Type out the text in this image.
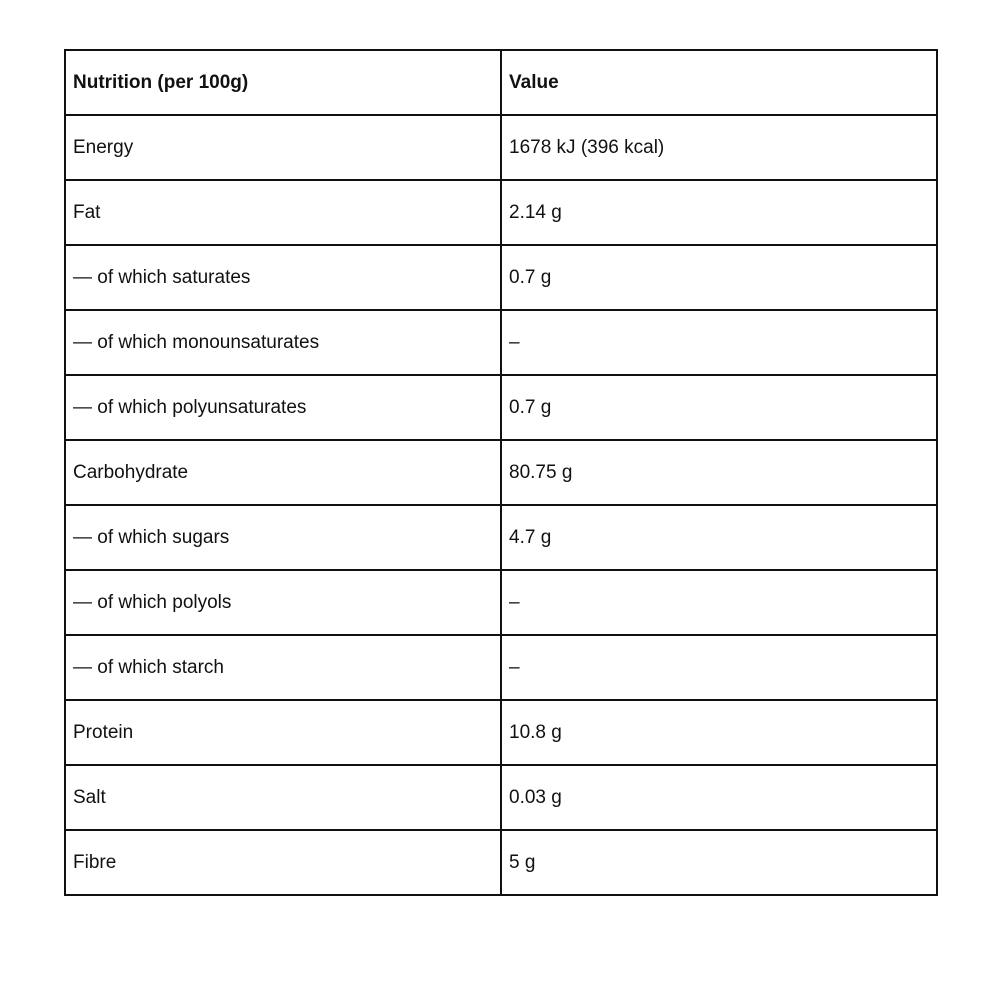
Nutrition (per 100g)	Value
Energy	1678 kJ (396 kcal)
Fat	2.14 g
— of which saturates	0.7 g
— of which monounsaturates	–
— of which polyunsaturates	0.7 g
Carbohydrate	80.75 g
— of which sugars	4.7 g
— of which polyols	–
— of which starch	–
Protein	10.8 g
Salt	0.03 g
Fibre	5 g
